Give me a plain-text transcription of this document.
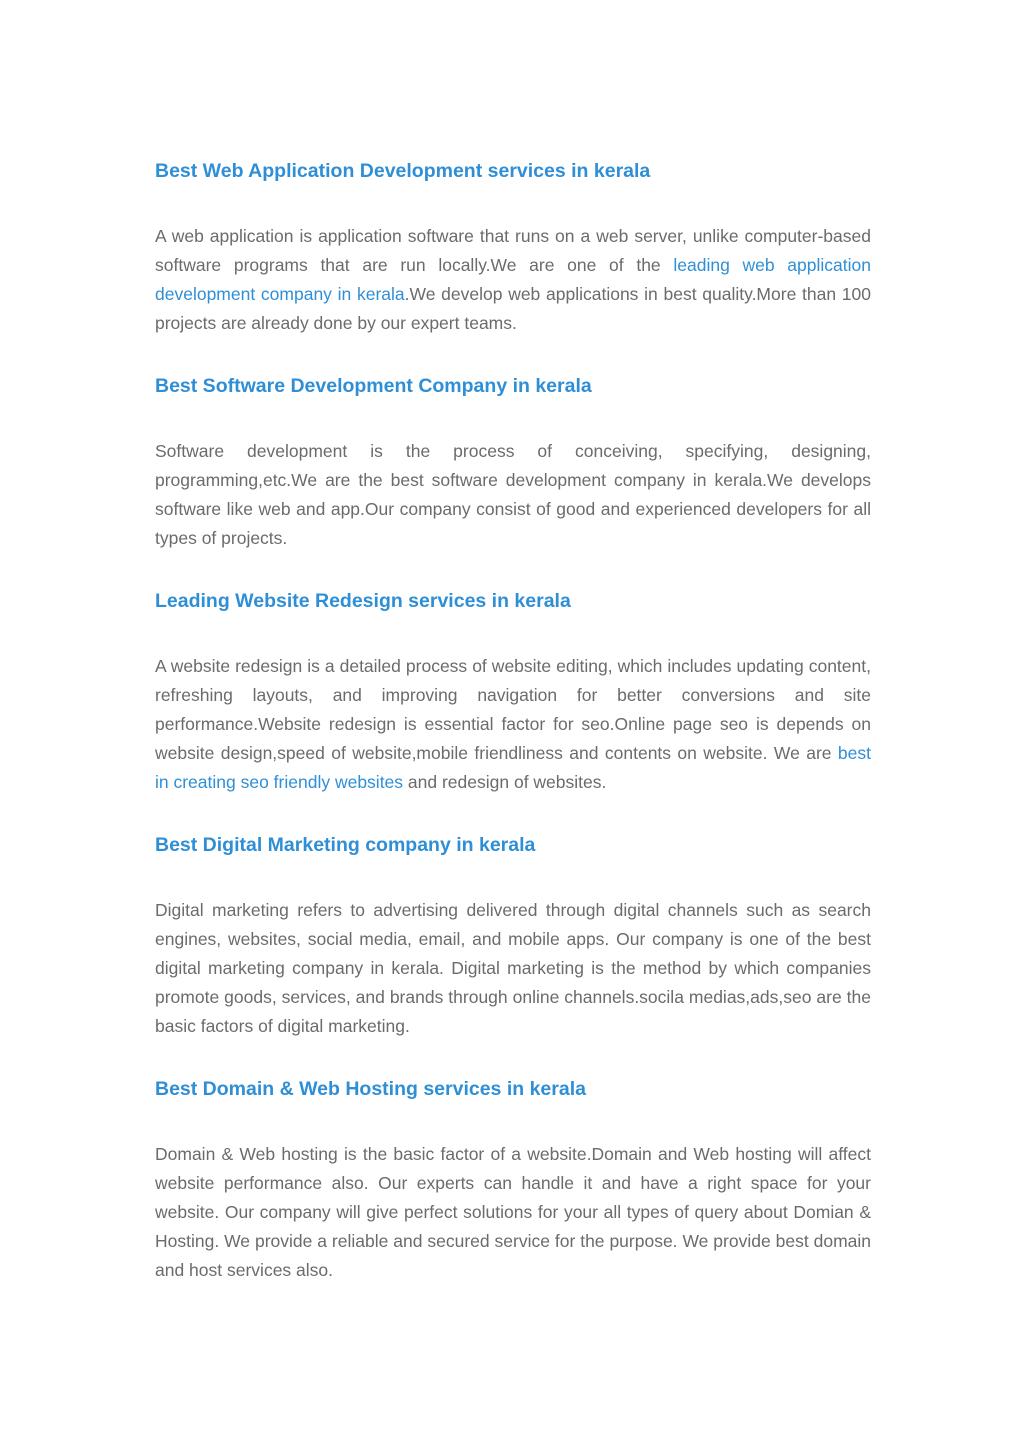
Best Web Application Development services in kerala

A web application is application software that runs on a web server, unlike computer-based software programs that are run locally.We are one of the leading web application development company in kerala.We develop web applications in best quality.More than 100 projects are already done by our expert teams.

Best Software Development Company in kerala

Software development is the process of conceiving, specifying, designing, programming,etc.We are the best software development company in kerala.We develops software like web and app.Our company consist of good and experienced developers for all types of projects.

Leading Website Redesign services in kerala

A website redesign is a detailed process of website editing, which includes updating content, refreshing layouts, and improving navigation for better conversions and site performance.Website redesign is essential factor for seo.Online page seo is depends on website design,speed of website,mobile friendliness and contents on website. We are best in creating seo friendly websites and redesign of websites.

Best Digital Marketing company in kerala

Digital marketing refers to advertising delivered through digital channels such as search engines, websites, social media, email, and mobile apps. Our company is one of the best digital marketing company in kerala. Digital marketing is the method by which companies promote goods, services, and brands through online channels.socila medias,ads,seo are the basic factors of digital marketing.

Best Domain & Web Hosting services in kerala

Domain & Web hosting is the basic factor of a website.Domain and Web hosting will affect website performance also. Our experts can handle it and have a right space for your website. Our company will give perfect solutions for your all types of query about Domian & Hosting. We provide a reliable and secured service for the purpose. We provide best domain and host services also.
